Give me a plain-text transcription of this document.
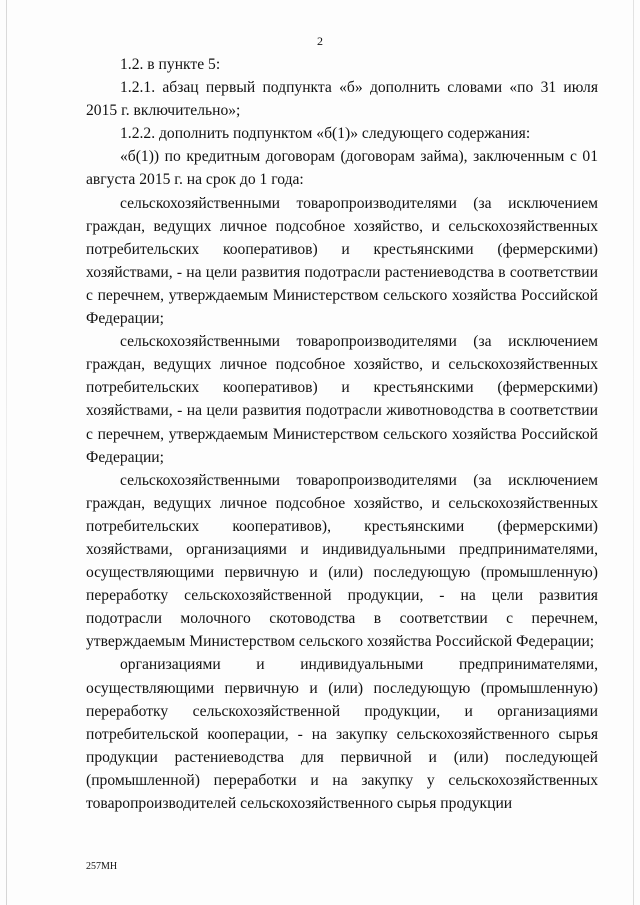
2

1.2. в пункте 5:

1.2.1. абзац первый подпункта «б» дополнить словами «по 31 июля 2015 г. включительно»;

1.2.2. дополнить подпунктом «б(1)» следующего содержания:

«б(1)) по кредитным договорам (договорам займа), заключенным с 01 августа 2015 г. на срок до 1 года:

сельскохозяйственными товаропроизводителями (за исключением граждан, ведущих личное подсобное хозяйство, и сельскохозяйственных потребительских кооперативов) и крестьянскими (фермерскими) хозяйствами, - на цели развития подотрасли растениеводства в соответствии с перечнем, утверждаемым Министерством сельского хозяйства Российской Федерации;

сельскохозяйственными товаропроизводителями (за исключением граждан, ведущих личное подсобное хозяйство, и сельскохозяйственных потребительских кооперативов) и крестьянскими (фермерскими) хозяйствами, - на цели развития подотрасли животноводства в соответствии с перечнем, утверждаемым Министерством сельского хозяйства Российской Федерации;

сельскохозяйственными товаропроизводителями (за исключением граждан, ведущих личное подсобное хозяйство, и сельскохозяйственных потребительских кооперативов), крестьянскими (фермерскими) хозяйствами, организациями и индивидуальными предпринимателями, осуществляющими первичную и (или) последующую (промышленную) переработку сельскохозяйственной продукции, - на цели развития подотрасли молочного скотоводства в соответствии с перечнем, утверждаемым Министерством сельского хозяйства Российской Федерации;

организациями и индивидуальными предпринимателями, осуществляющими первичную и (или) последующую (промышленную) переработку сельскохозяйственной продукции, и организациями потребительской кооперации, - на закупку сельскохозяйственного сырья продукции растениеводства для первичной и (или) последующей (промышленной) переработки и на закупку у сельскохозяйственных товаропроизводителей сельскохозяйственного сырья продукции

257МН
